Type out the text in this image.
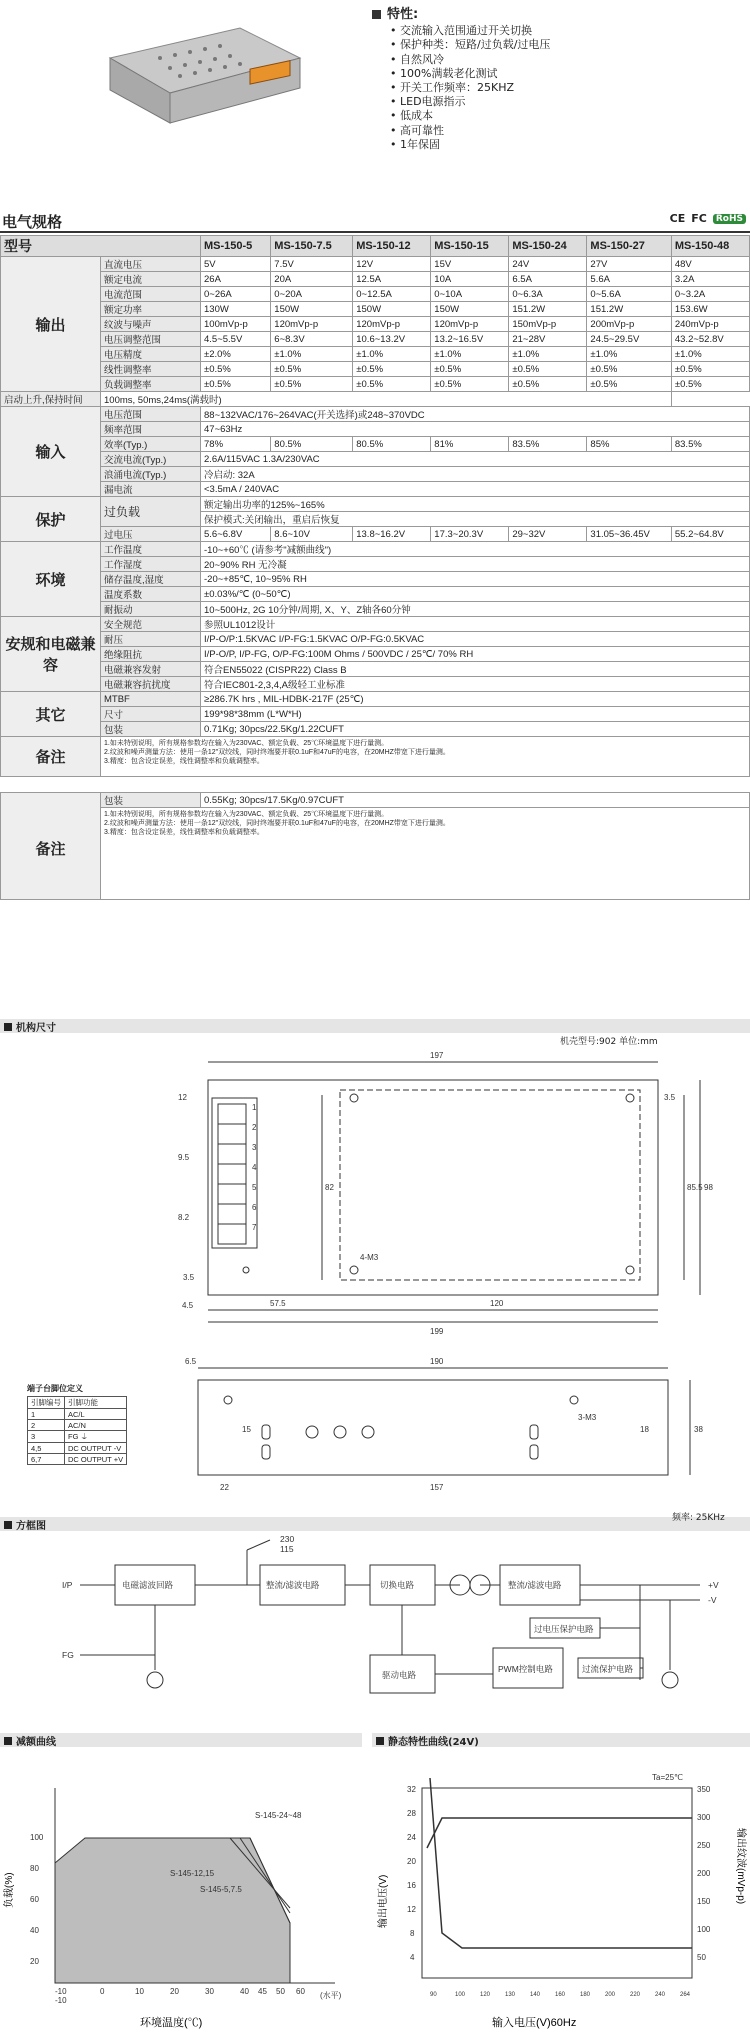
特性:
• 交流输入范围通过开关切换
• 保护种类：短路/过负载/过电压
• 自然风冷
• 100%满载老化测试
• 开关工作频率：25KHZ
• LED电源指示
• 低成本
• 高可靠性
• 1年保固
电气规格	CE FC	RoHS
型号		MS-150-5	MS-150-7.5	MS-150-12	MS-150-15	MS-150-24	MS-150-27	MS-150-48
输出	直流电压	5V	7.5V	12V	15V	24V	27V	48V
	额定电流	26A	20A	12.5A	10A	6.5A	5.6A	3.2A
	电流范围	0~26A	0~20A	0~12.5A	0~10A	0~6.3A	0~5.6A	0~3.2A
	额定功率	130W	150W	150W	150W	151.2W	151.2W	153.6W
	纹波与噪声	100mVp-p	120mVp-p	120mVp-p	120mVp-p	150mVp-p	200mVp-p	240mVp-p
	电压调整范围	4.5~5.5V	6~8.3V	10.6~13.2V	13.2~16.5V	21~28V	24.5~29.5V	43.2~52.8V
	电压精度	±2.0%	±1.0%	±1.0%	±1.0%	±1.0%	±1.0%	±1.0%
	线性调整率	±0.5%	±0.5%	±0.5%	±0.5%	±0.5%	±0.5%	±0.5%
	负载调整率	±0.5%	±0.5%	±0.5%	±0.5%	±0.5%	±0.5%	±0.5%
启动上升,保持时间	100ms, 50ms,24ms(满载时)							
输入	电压范围	88~132VAC/176~264VAC(开关选择)或248~370VDC						
	频率范围	47~63Hz						
	效率(Typ.)	78%	80.5%	80.5%	81%	83.5%	85%	83.5%
	交流电流(Typ.)	2.6A/115VAC 1.3A/230VAC						
	浪涌电流(Typ.)	冷启动: 32A						
	漏电流	<3.5mA / 240VAC						
保护	过负载	额定输出功率的125%~165%						
		保护模式:关闭输出，重启后恢复						
	过电压	5.6~6.8V	8.6~10V	13.8~16.2V	17.3~20.3V	29~32V	31.05~36.45V	55.2~64.8V
环境	工作温度	-10~+60℃ (请参考"减额曲线")						
	工作湿度	20~90% RH 无冷凝						
	储存温度,湿度	-20~+85℃, 10~95% RH						
	温度系数	±0.03%/℃ (0~50℃)						
	耐振动	10~500Hz, 2G 10分钟/周期, X、Y、Z轴各60分钟						
安规和电磁兼容	安全规范	参照UL1012设计						
	耐压	I/P-O/P:1.5KVAC I/P-FG:1.5KVAC O/P-FG:0.5KVAC						
	绝缘阻抗	I/P-O/P, I/P-FG, O/P-FG:100M Ohms / 500VDC / 25℃/ 70% RH						
	电磁兼容发射	符合EN55022 (CISPR22) Class B						
	电磁兼容抗扰度	符合IEC801-2,3,4,A级轻工业标准						
其它	MTBF	≥286.7K hrs , MIL-HDBK-217F (25℃)						
	尺寸	199*98*38mm (L*W*H)						
	包装	0.71Kg; 30pcs/22.5Kg/1.22CUFT						
备注	1.如未特别说明，所有规格参数均在输入为230VAC、额定负载、25℃环境温度下进行量测。
2.纹波和噪声测量方法：使用一条12"双绞线，同时终端要并联0.1uF和47uF的电容，在20MHZ带宽下进行量测。
3.精度：包含设定误差，线性调整率和负载调整率。							

备注	包装	0.55Kg; 30pcs/17.5Kg/0.97CUFT						
	1.如未特别说明，所有规格参数均在输入为230VAC、额定负载、25℃环境温度下进行量测。
2.纹波和噪声测量方法：使用一条12"双绞线，同时终端要并联0.1uF和47uF的电容，在20MHZ带宽下进行量测。
3.精度：包含设定误差，线性调整率和负载调整率。							
机构尺寸
机壳型号:902 单位:mm
197
199
57.5	120
4.5
98
85.5
82
3.5
12
9.5
8.2
4-M3
3.5
1
2
3
4
5
6
7
190
6.5
22	157
38
18
15
3-M3
端子台脚位定义
引脚编号	引脚功能
1	AC/L
2	AC/N
3	FG ⏚
4,5	DC OUTPUT -V
6,7	DC OUTPUT +V
方框图
频率: 25KHz
I/P
FG
230
115
电磁滤波回路	整流/滤波电路	切换电路	整流/滤波电路
驱动电路
PWM控制电路
过电压保护电路
过流保护电路
+V
-V
减额曲线
S-145-24~48
S-145-12,15
S-145-5,7.5
100
80
60
40
20
0	10	20	30	40 45 50 60
-10
-10
(水平)
环境温度(℃)
负载(%)
静态特性曲线(24V)
Ta=25℃
32
28
24
20
16
12
8
4
350
300
250
200
150
100
50
90	100 120 130 140 160 180 200 220 240 264
输入电压(V)60Hz
输出电压(V)	输出纹波(mVp-p)
